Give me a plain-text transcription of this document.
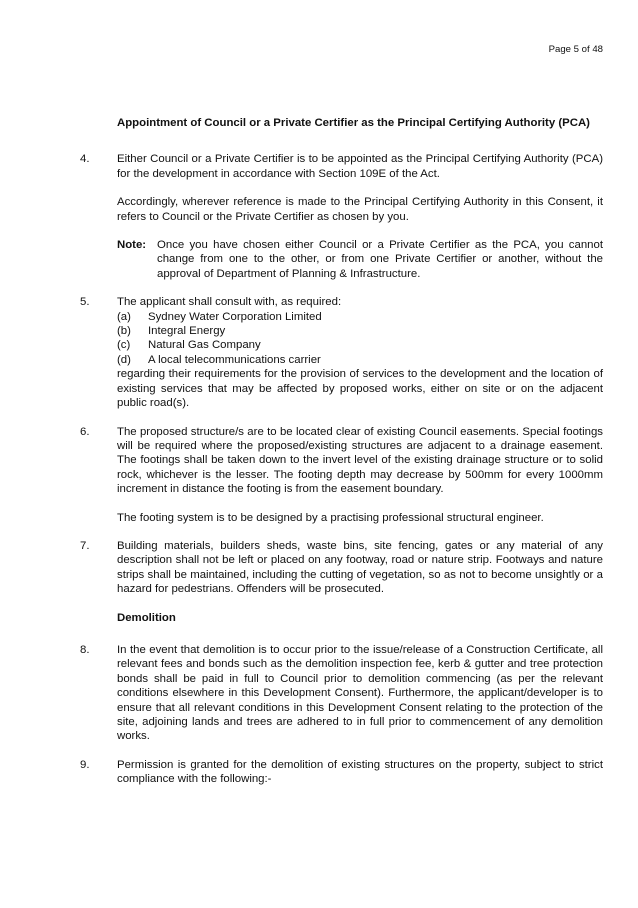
Page 5 of 48

Appointment of Council or a Private Certifier as the Principal Certifying Authority (PCA)

4.	Either Council or a Private Certifier is to be appointed as the Principal Certifying Authority (PCA) for the development in accordance with Section 109E of the Act.

Accordingly, wherever reference is made to the Principal Certifying Authority in this Consent, it refers to Council or the Private Certifier as chosen by you.

Note: Once you have chosen either Council or a Private Certifier as the PCA, you cannot change from one to the other, or from one Private Certifier or another, without the approval of Department of Planning & Infrastructure.
5.	The applicant shall consult with, as required:

(a) Sydney Water Corporation Limited
(b) Integral Energy
(c) Natural Gas Company
(d) A local telecommunications carrier

regarding their requirements for the provision of services to the development and the location of existing services that may be affected by proposed works, either on site or on the adjacent public road(s).

6.	The proposed structure/s are to be located clear of existing Council easements. Special footings will be required where the proposed/existing structures are adjacent to a drainage easement. The footings shall be taken down to the invert level of the existing drainage structure or to solid rock, whichever is the lesser. The footing depth may decrease by 500mm for every 1000mm increment in distance the footing is from the easement boundary.

The footing system is to be designed by a practising professional structural engineer.

7.	Building materials, builders sheds, waste bins, site fencing, gates or any material of any description shall not be left or placed on any footway, road or nature strip. Footways and nature strips shall be maintained, including the cutting of vegetation, so as not to become unsightly or a hazard for pedestrians. Offenders will be prosecuted.

Demolition

8.	In the event that demolition is to occur prior to the issue/release of a Construction Certificate, all relevant fees and bonds such as the demolition inspection fee, kerb & gutter and tree protection bonds shall be paid in full to Council prior to demolition commencing (as per the relevant conditions elsewhere in this Development Consent). Furthermore, the applicant/developer is to ensure that all relevant conditions in this Development Consent relating to the protection of the site, adjoining lands and trees are adhered to in full prior to commencement of any demolition works.

9.	Permission is granted for the demolition of existing structures on the property, subject to strict compliance with the following:-
